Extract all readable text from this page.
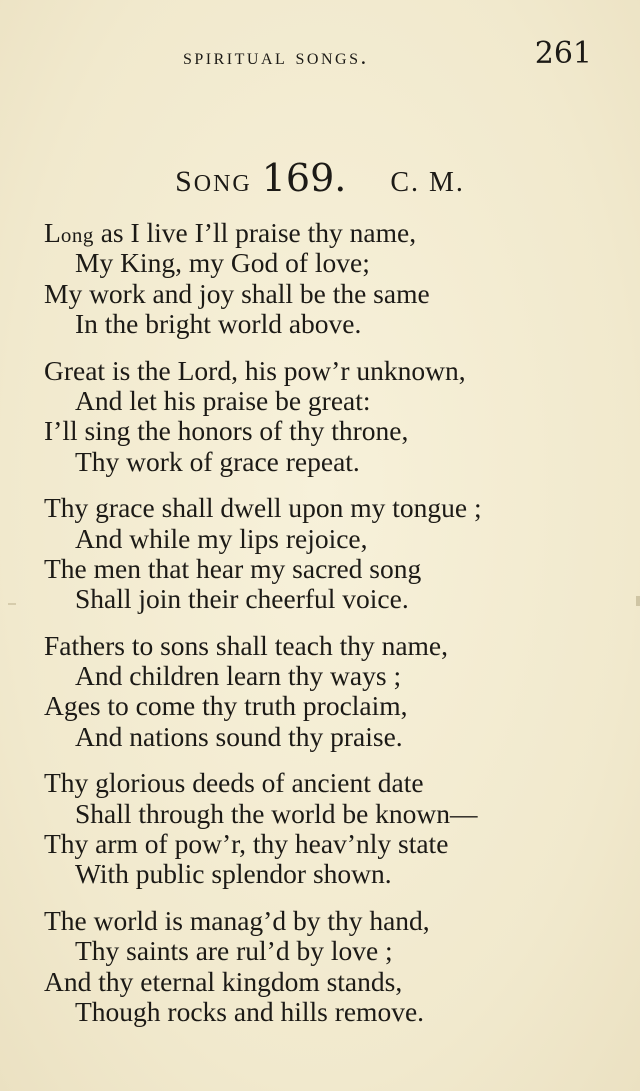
spiritual songs.	261
SONG 169. C. M.
Long as I live I’ll praise thy name,
My King, my God of love;
My work and joy shall be the same
In the bright world above.
Great is the Lord, his pow’r unknown,
And let his praise be great:
I’ll sing the honors of thy throne,
Thy work of grace repeat.
Thy grace shall dwell upon my tongue ;
And while my lips rejoice,
The men that hear my sacred song
Shall join their cheerful voice.
Fathers to sons shall teach thy name,
And children learn thy ways ;
Ages to come thy truth proclaim,
And nations sound thy praise.
Thy glorious deeds of ancient date
Shall through the world be known—
Thy arm of pow’r, thy heav’nly state
With public splendor shown.
The world is manag’d by thy hand,
Thy saints are rul’d by love ;
And thy eternal kingdom stands,
Though rocks and hills remove.
